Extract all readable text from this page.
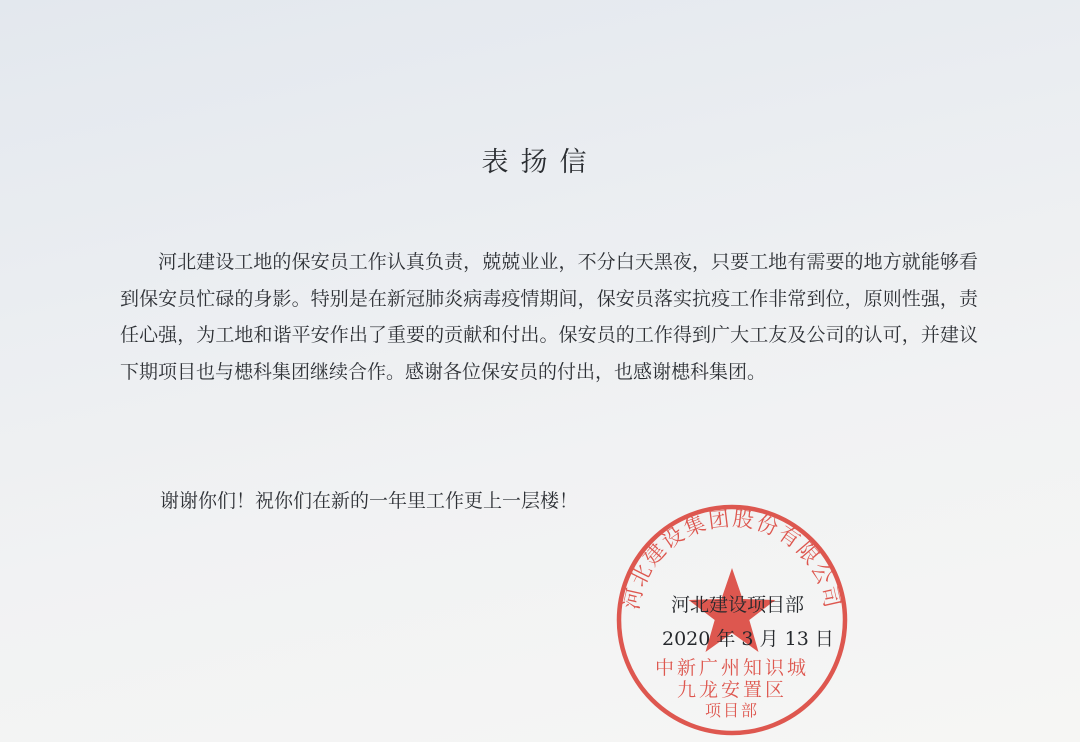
表扬信

河北建设工地的保安员工作认真负责，兢兢业业，不分白天黑夜，只要工地有需要的地方就能够看到保安员忙碌的身影。特别是在新冠肺炎病毒疫情期间，保安员落实抗疫工作非常到位，原则性强，责任心强，为工地和谐平安作出了重要的贡献和付出。保安员的工作得到广大工友及公司的认可，并建议下期项目也与槵科集团继续合作。感谢各位保安员的付出，也感谢槵科集团。

谢谢你们！祝你们在新的一年里工作更上一层楼！
河北建设集团股份有限公司
中新广州知识城
九龙安置区
项目部
河北建设项目部
2020 年 3 月 13 日
